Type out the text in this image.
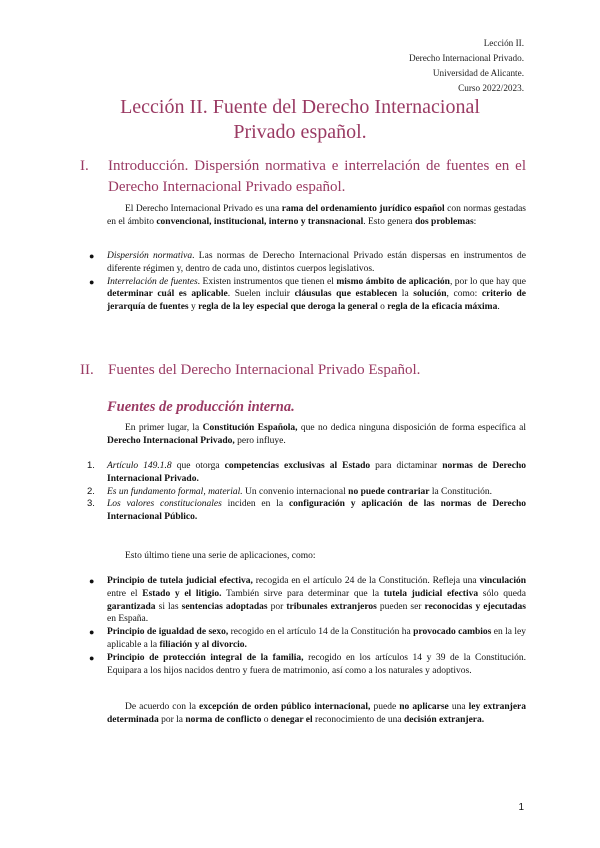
Lección II.
Derecho Internacional Privado.
Universidad de Alicante.
Curso 2022/2023.
Lección II. Fuente del Derecho Internacional
Privado español.
I. Introducción. Dispersión normativa e interrelación de fuentes en el Derecho Internacional Privado español.

El Derecho Internacional Privado es una rama del ordenamiento jurídico español con normas gestadas en el ámbito convencional, institucional, interno y transnacional. Esto genera dos problemas:

● Dispersión normativa. Las normas de Derecho Internacional Privado están dispersas en instrumentos de diferente régimen y, dentro de cada uno, distintos cuerpos legislativos.
● Interrelación de fuentes. Existen instrumentos que tienen el mismo ámbito de aplicación, por lo que hay que determinar cuál es aplicable. Suelen incluir cláusulas que establecen la solución, como: criterio de jerarquía de fuentes y regla de la ley especial que deroga la general o regla de la eficacia máxima.
II. Fuentes del Derecho Internacional Privado Español.
Fuentes de producción interna.

En primer lugar, la Constitución Española, que no dedica ninguna disposición de forma específica al Derecho Internacional Privado, pero influye.

1. Artículo 149.1.8 que otorga competencias exclusivas al Estado para dictaminar normas de Derecho Internacional Privado.
2. Es un fundamento formal, material. Un convenio internacional no puede contrariar la Constitución.
3. Los valores constitucionales inciden en la configuración y aplicación de las normas de Derecho Internacional Público.

Esto último tiene una serie de aplicaciones, como:

● Principio de tutela judicial efectiva, recogida en el artículo 24 de la Constitución. Refleja una vinculación entre el Estado y el litigio. También sirve para determinar que la tutela judicial efectiva sólo queda garantizada si las sentencias adoptadas por tribunales extranjeros pueden ser reconocidas y ejecutadas en España.
● Principio de igualdad de sexo, recogido en el artículo 14 de la Constitución ha provocado cambios en la ley aplicable a la filiación y al divorcio.
● Principio de protección integral de la familia, recogido en los artículos 14 y 39 de la Constitución. Equipara a los hijos nacidos dentro y fuera de matrimonio, así como a los naturales y adoptivos.

De acuerdo con la excepción de orden público internacional, puede no aplicarse una ley extranjera determinada por la norma de conflicto o denegar el reconocimiento de una decisión extranjera.

1
